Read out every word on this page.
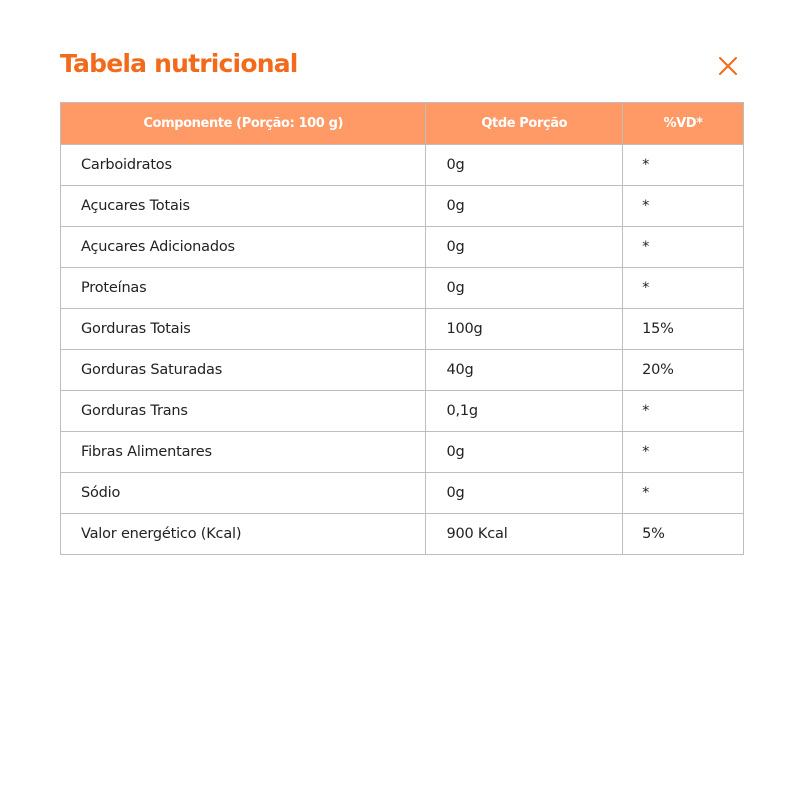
Tabela nutricional
Componente (Porção: 100 g)	Qtde Porção	%VD*
Carboidratos	0g	*
Açucares Totais	0g	*
Açucares Adicionados	0g	*
Proteínas	0g	*
Gorduras Totais	100g	15%
Gorduras Saturadas	40g	20%
Gorduras Trans	0,1g	*
Fibras Alimentares	0g	*
Sódio	0g	*
Valor energético (Kcal)	900 Kcal	5%
